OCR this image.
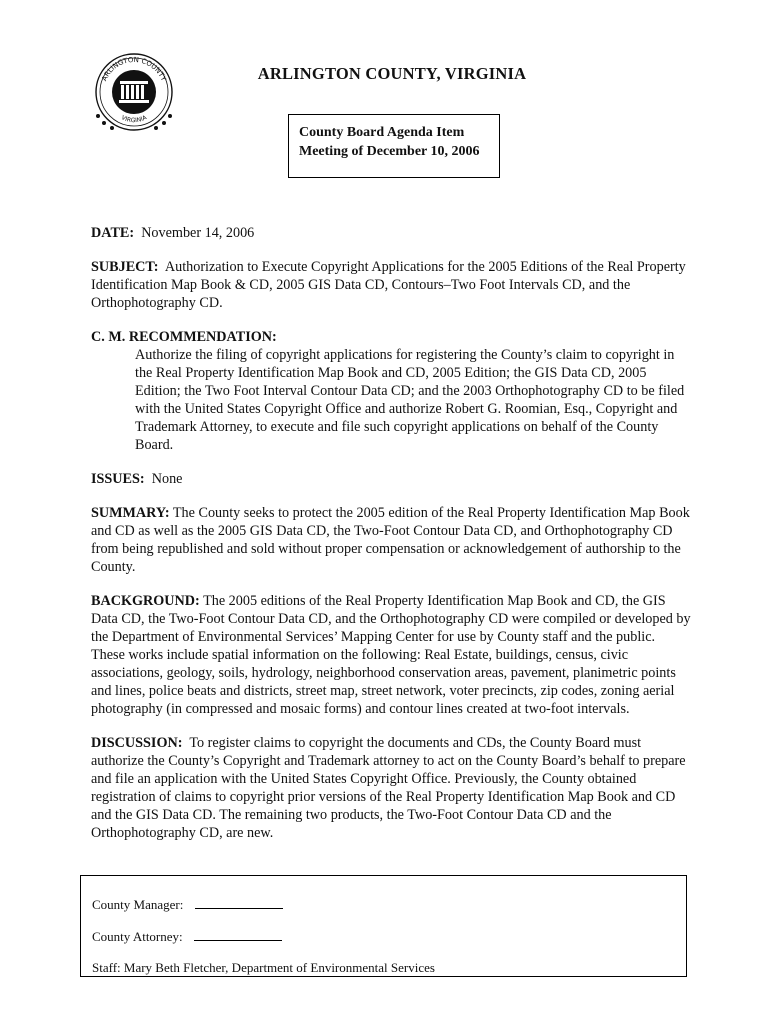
ARLINGTON COUNTY
VIRGINIA
ARLINGTON COUNTY, VIRGINIA
County Board Agenda Item
Meeting of December 10, 2006

DATE: November 14, 2006

SUBJECT: Authorization to Execute Copyright Applications for the 2005 Editions of the Real Property Identification Map Book & CD, 2005 GIS Data CD, Contours–Two Foot Intervals CD, and the Orthophotography CD.

C. M. RECOMMENDATION:
Authorize the filing of copyright applications for registering the County’s claim to copyright in the Real Property Identification Map Book and CD, 2005 Edition; the GIS Data CD, 2005 Edition; the Two Foot Interval Contour Data CD; and the 2003 Orthophotography CD to be filed with the United States Copyright Office and authorize Robert G. Roomian, Esq., Copyright and Trademark Attorney, to execute and file such copyright applications on behalf of the County Board.

ISSUES: None

SUMMARY: The County seeks to protect the 2005 edition of the Real Property Identification Map Book and CD as well as the 2005 GIS Data CD, the Two-Foot Contour Data CD, and Orthophotography CD from being republished and sold without proper compensation or acknowledgement of authorship to the County.

BACKGROUND: The 2005 editions of the Real Property Identification Map Book and CD, the GIS Data CD, the Two-Foot Contour Data CD, and the Orthophotography CD were compiled or developed by the Department of Environmental Services’ Mapping Center for use by County staff and the public. These works include spatial information on the following: Real Estate, buildings, census, civic associations, geology, soils, hydrology, neighborhood conservation areas, pavement, planimetric points and lines, police beats and districts, street map, street network, voter precincts, zip codes, zoning aerial photography (in compressed and mosaic forms) and contour lines created at two-foot intervals.

DISCUSSION: To register claims to copyright the documents and CDs, the County Board must authorize the County’s Copyright and Trademark attorney to act on the County Board’s behalf to prepare and file an application with the United States Copyright Office. Previously, the County obtained registration of claims to copyright prior versions of the Real Property Identification Map Book and CD and the GIS Data CD. The remaining two products, the Two-Foot Contour Data CD and the Orthophotography CD, are new.

County Manager:
County Attorney:
Staff: Mary Beth Fletcher, Department of Environmental Services
